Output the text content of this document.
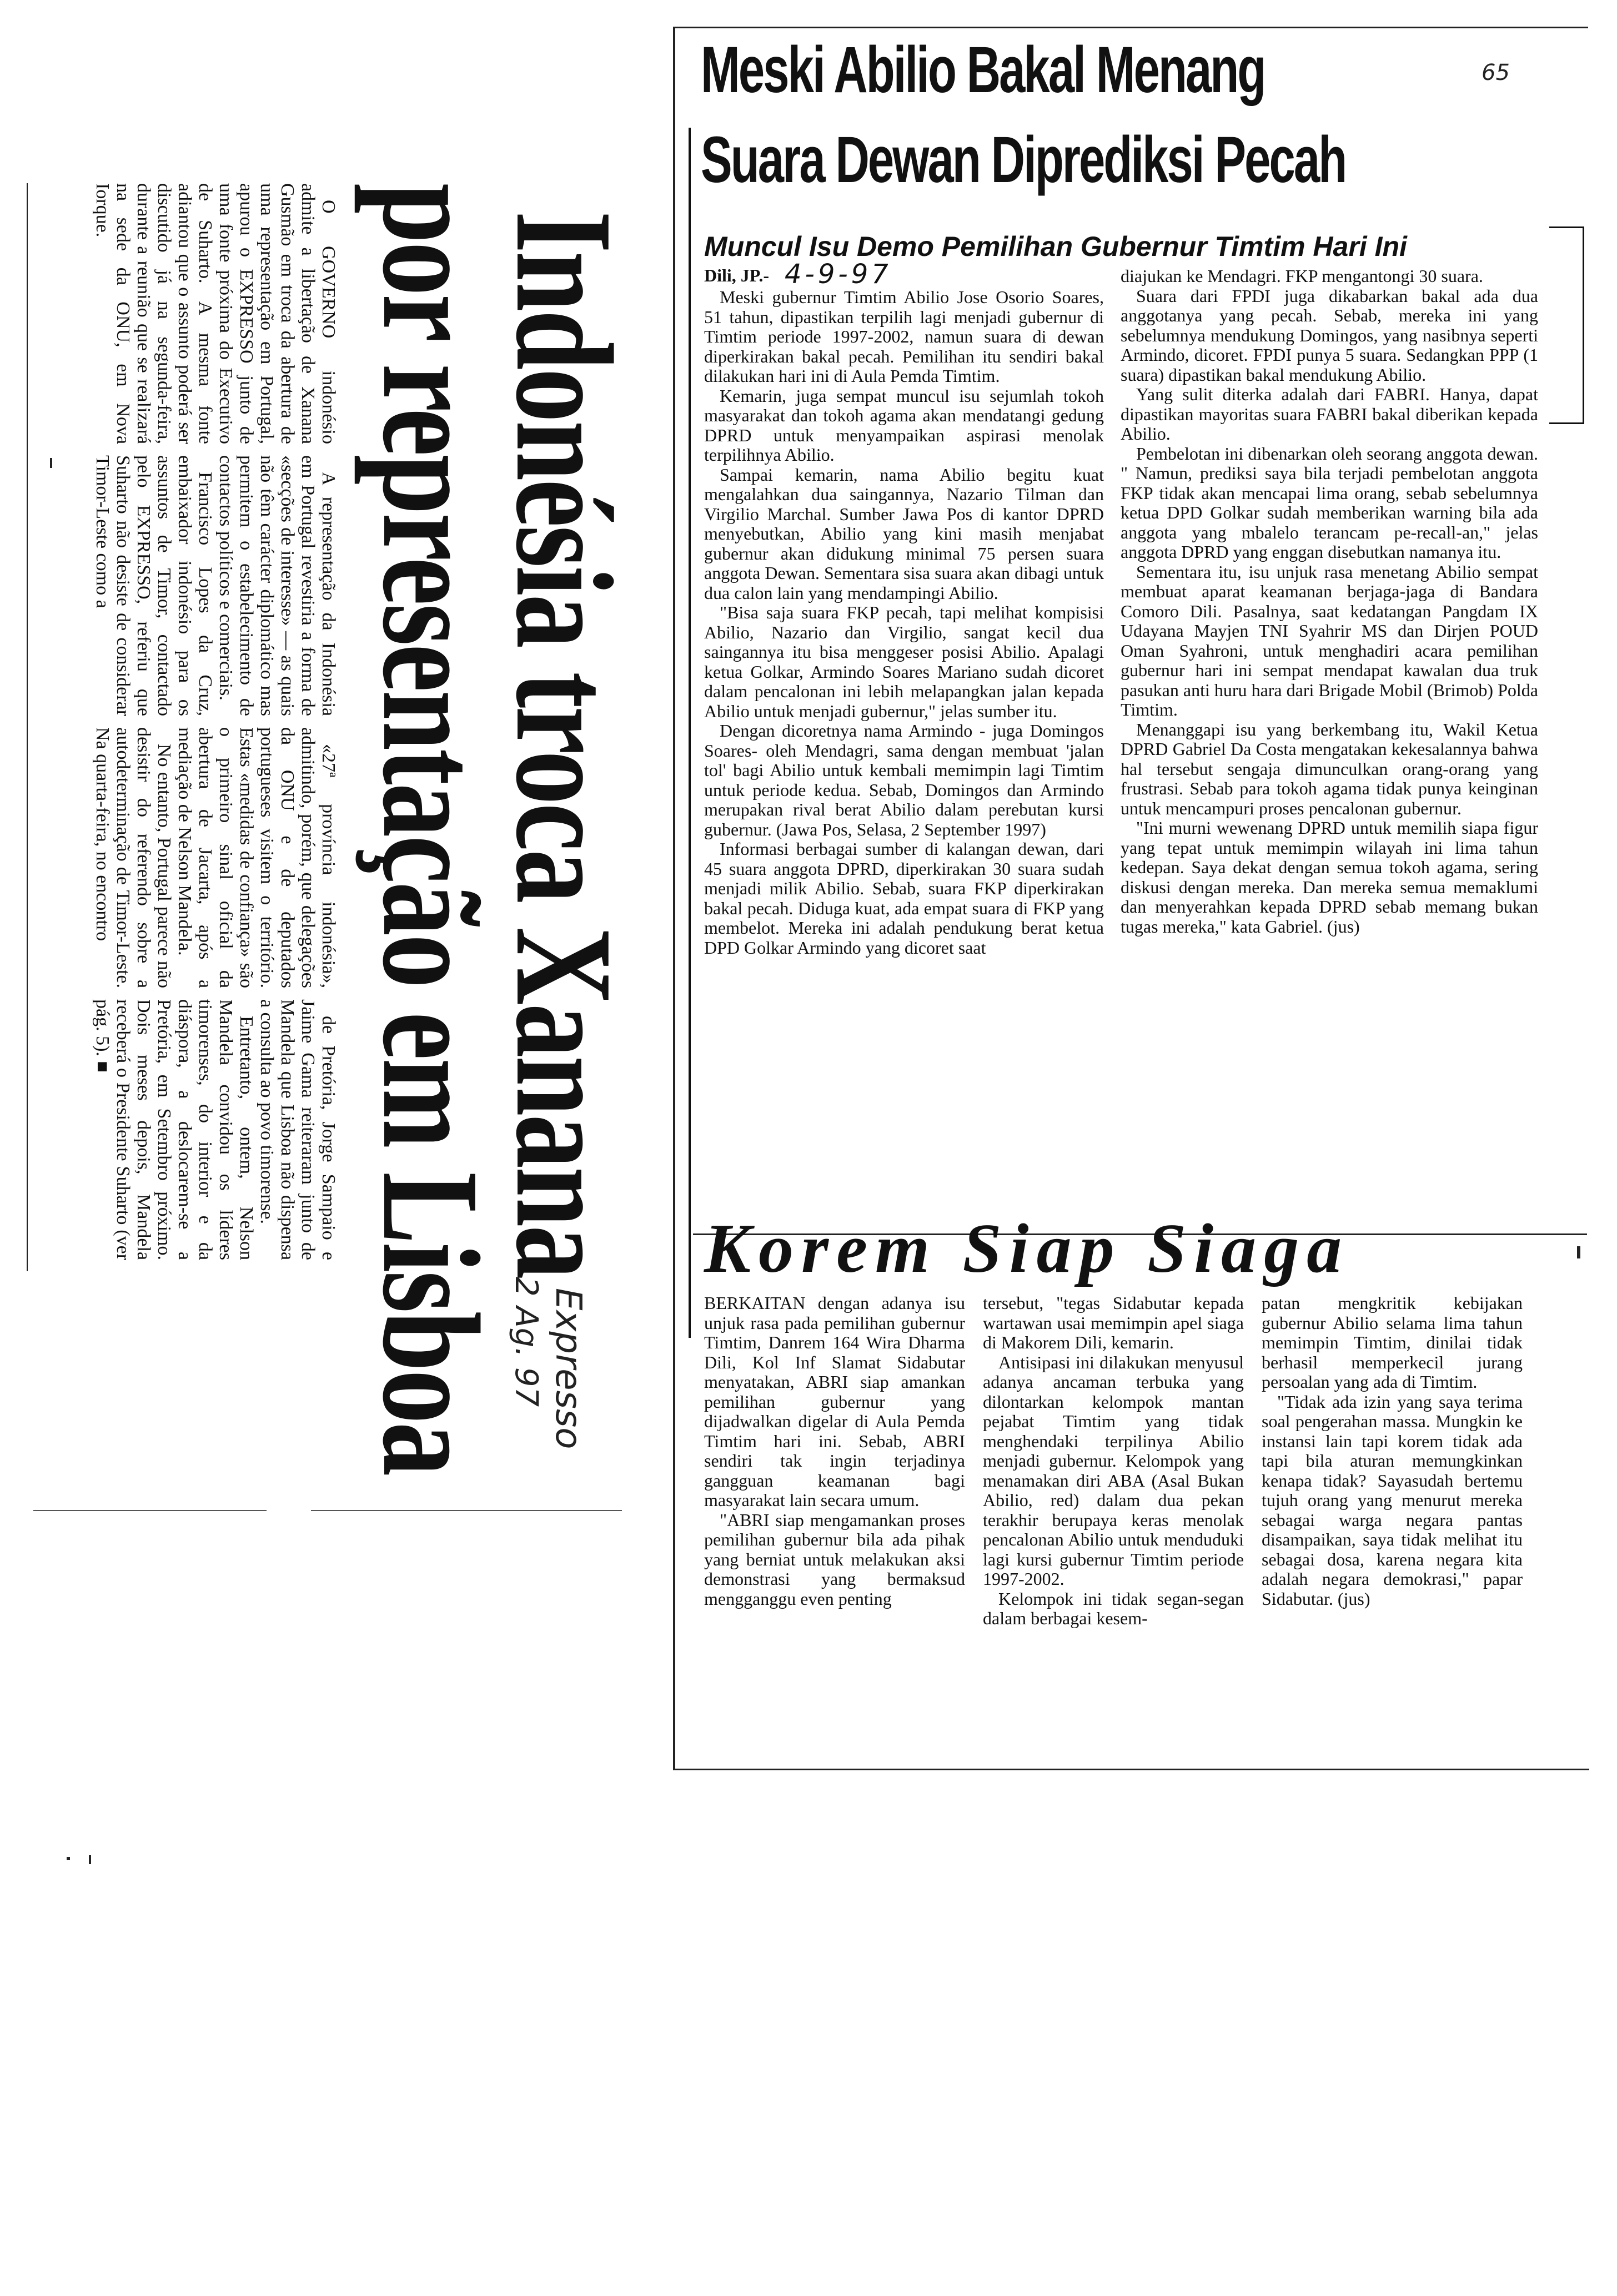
Meski Abilio Bakal Menang
Suara Dewan Diprediksi Pecah
65
Muncul Isu Demo Pemilihan Gubernur Timtim Hari Ini
Dili, JP.- 4-9-97

Meski gubernur Timtim Abilio Jose Osorio Soares, 51 tahun, dipastikan terpilih lagi menjadi gubernur di Timtim periode 1997-2002, namun suara di dewan diperkirakan bakal pecah. Pemilihan itu sendiri bakal dilakukan hari ini di Aula Pemda Timtim.

Kemarin, juga sempat muncul isu sejumlah tokoh masyarakat dan tokoh agama akan mendatangi gedung DPRD untuk menyampaikan aspirasi menolak terpilihnya Abilio.

Sampai kemarin, nama Abilio begitu kuat mengalahkan dua saingannya, Nazario Tilman dan Virgilio Marchal. Sumber Jawa Pos di kantor DPRD menyebutkan, Abilio yang kini masih menjabat gubernur akan didukung minimal 75 persen suara anggota Dewan. Sementara sisa suara akan dibagi untuk dua calon lain yang mendampingi Abilio.

"Bisa saja suara FKP pecah, tapi melihat kompisisi Abilio, Nazario dan Virgilio, sangat kecil dua saingannya itu bisa menggeser posisi Abilio. Apalagi ketua Golkar, Armindo Soares Mariano sudah dicoret dalam pencalonan ini lebih melapangkan jalan kepada Abilio untuk menjadi gubernur," jelas sumber itu.

Dengan dicoretnya nama Armindo - juga Domingos Soares- oleh Mendagri, sama dengan membuat 'jalan tol' bagi Abilio untuk kembali memimpin lagi Timtim untuk periode kedua. Sebab, Domingos dan Armindo merupakan rival berat Abilio dalam perebutan kursi gubernur. (Jawa Pos, Selasa, 2 September 1997)

Informasi berbagai sumber di kalangan dewan, dari 45 suara anggota DPRD, diperkirakan 30 suara sudah menjadi milik Abilio. Sebab, suara FKP diperkirakan bakal pecah. Diduga kuat, ada empat suara di FKP yang membelot. Mereka ini adalah pendukung berat ketua DPD Golkar Armindo yang dicoret saat

diajukan ke Mendagri. FKP mengantongi 30 suara.

Suara dari FPDI juga dikabarkan bakal ada dua anggotanya yang pecah. Sebab, mereka ini yang sebelumnya mendukung Domingos, yang nasibnya seperti Armindo, dicoret. FPDI punya 5 suara. Sedangkan PPP (1 suara) dipastikan bakal mendukung Abilio.

Yang sulit diterka adalah dari FABRI. Hanya, dapat dipastikan mayoritas suara FABRI bakal diberikan kepada Abilio.

Pembelotan ini dibenarkan oleh seorang anggota dewan. " Namun, prediksi saya bila terjadi pembelotan anggota FKP tidak akan mencapai lima orang, sebab sebelumnya ketua DPD Golkar sudah memberikan warning bila ada anggota yang mbalelo terancam pe-recall-an," jelas anggota DPRD yang enggan disebutkan namanya itu.

Sementara itu, isu unjuk rasa menetang Abilio sempat membuat aparat keamanan berjaga-jaga di Bandara Comoro Dili. Pasalnya, saat kedatangan Pangdam IX Udayana Mayjen TNI Syahrir MS dan Dirjen POUD Oman Syahroni, untuk menghadiri acara pemilihan gubernur hari ini sempat mendapat kawalan dua truk pasukan anti huru hara dari Brigade Mobil (Brimob) Polda Timtim.

Menanggapi isu yang berkembang itu, Wakil Ketua DPRD Gabriel Da Costa mengatakan kekesalannya bahwa hal tersebut sengaja dimunculkan orang-orang yang frustrasi. Sebab para tokoh agama tidak punya keinginan untuk mencampuri proses pencalonan gubernur.

"Ini murni wewenang DPRD untuk memilih siapa figur yang tepat untuk memimpin wilayah ini lima tahun kedepan. Saya dekat dengan semua tokoh agama, sering diskusi dengan mereka. Dan mereka semua memaklumi dan menyerahkan kepada DPRD sebab memang bukan tugas mereka," kata Gabriel. (jus)

Korem Siap Siaga

BERKAITAN dengan adanya isu unjuk rasa pada pemilihan gubernur Timtim, Danrem 164 Wira Dharma Dili, Kol Inf Slamat Sidabutar menyatakan, ABRI siap amankan pemilihan gubernur yang dijadwalkan digelar di Aula Pemda Timtim hari ini. Sebab, ABRI sendiri tak ingin terjadinya gangguan keamanan bagi masyarakat lain secara umum.

"ABRI siap mengamankan proses pemilihan gubernur bila ada pihak yang berniat untuk melakukan aksi demonstrasi yang bermaksud mengganggu even penting

tersebut, "tegas Sidabutar kepada wartawan usai memimpin apel siaga di Makorem Dili, kemarin.

Antisipasi ini dilakukan menyusul adanya ancaman terbuka yang dilontarkan kelompok mantan pejabat Timtim yang tidak menghendaki terpilinya Abilio menjadi gubernur. Kelompok yang menamakan diri ABA (Asal Bukan Abilio, red) dalam dua pekan terakhir berupaya keras menolak pencalonan Abilio untuk menduduki lagi kursi gubernur Timtim periode 1997-2002.

Kelompok ini tidak segan-segan dalam berbagai kesem-

patan mengkritik kebijakan gubernur Abilio selama lima tahun memimpin Timtim, dinilai tidak berhasil memperkecil jurang persoalan yang ada di Timtim.

"Tidak ada izin yang saya terima soal pengerahan massa. Mungkin ke instansi lain tapi korem tidak ada tapi bila aturan memungkinkan kenapa tidak? Sayasudah bertemu tujuh orang yang menurut mereka sebagai warga negara pantas disampaikan, saya tidak melihat itu sebagai dosa, karena negara kita adalah negara demokrasi," papar Sidabutar. (jus)

Indonésia troca Xanana
por representação em Lisboa

O GOVERNO indonésio admite a libertação de Xanana Gusmão em troca da abertura de uma representação em Portugal, apurou o EXPRESSO junto de uma fonte próxima do Executivo de Suharto. A mesma fonte adiantou que o assunto poderá ser discutido já na segunda-feira, durante a reunião que se realizará na sede da ONU, em Nova Iorque.

A representação da Indonésia em Portugal revestiria a forma de «secções de interesse» — as quais não têm carácter diplomático mas permitem o estabelecimento de contactos políticos e comerciais.

Francisco Lopes da Cruz, embaixador indonésio para os assuntos de Timor, contactado pelo EXPRESSO, referiu que Suharto não desiste de considerar Timor-Leste como a

«27ª província indonésia», admitindo, porém, que delegações da ONU e de deputados portugueses visitem o território. Estas «medidas de confiança» são o primeiro sinal oficial da abertura de Jacarta, após a mediação de Nelson Mandela.

No entanto, Portugal parece não desistir do referendo sobre a autodeterminação de Timor-Leste. Na quarta-feira, no encontro

de Pretória, Jorge Sampaio e Jaime Gama reiteraram junto de Mandela que Lisboa não dispensa a consulta ao povo timorense.

Entretanto, ontem, Nelson Mandela convidou os líderes timorenses, do interior e da diáspora, a deslocarem-se a Pretória, em Setembro próximo. Dois meses depois, Mandela receberá o Presidente Suharto (ver pág. 5). ■

Expresso
2 Ag. 97
